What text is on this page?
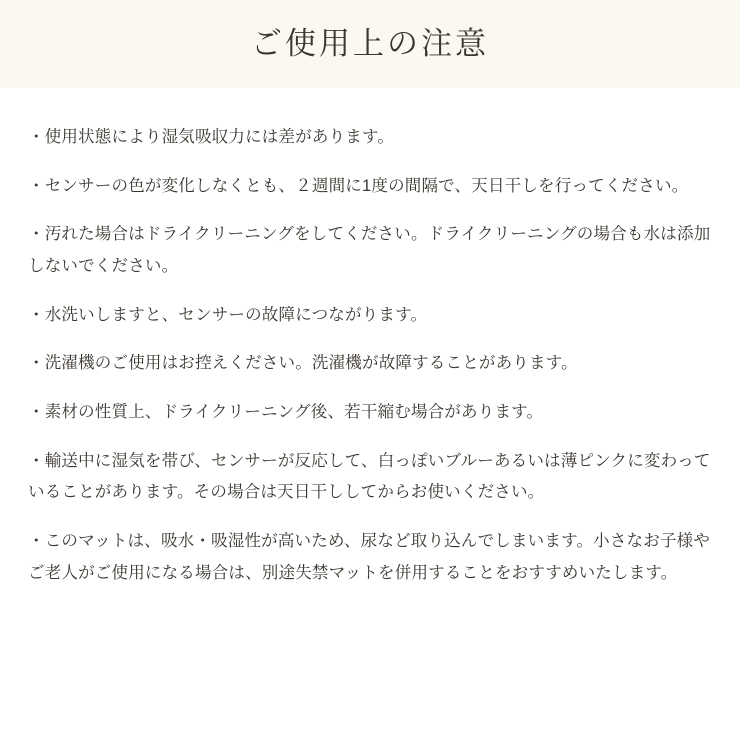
ご使用上の注意

・使用状態により湿気吸収力には差があります。

・センサーの色が変化しなくとも、２週間に1度の間隔で、天日干しを行ってください。

・汚れた場合はドライクリーニングをしてください。ドライクリーニングの場合も水は添加しないでください。

・水洗いしますと、センサーの故障につながります。

・洗濯機のご使用はお控えください。洗濯機が故障することがあります。

・素材の性質上、ドライクリーニング後、若干縮む場合があります。

・輸送中に湿気を帯び、センサーが反応して、白っぽいブルーあるいは薄ピンクに変わっていることがあります。その場合は天日干ししてからお使いください。

・このマットは、吸水・吸湿性が高いため、尿など取り込んでしまいます。小さなお子様やご老人がご使用になる場合は、別途失禁マットを併用することをおすすめいたします。
